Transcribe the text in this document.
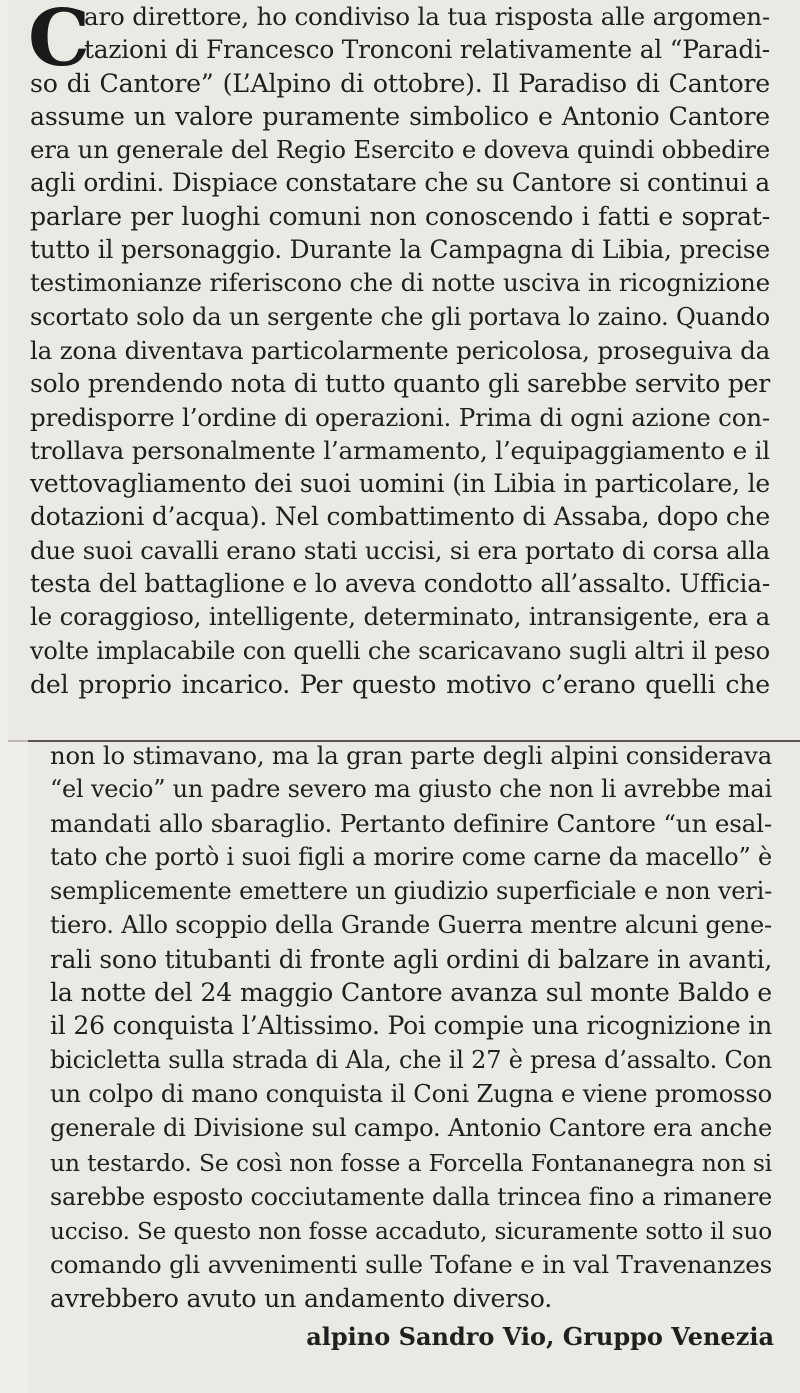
C
aro direttore, ho condiviso la tua risposta alle argomen-
tazioni di Francesco Tronconi relativamente al “Paradi-
so di Cantore” (L’Alpino di ottobre). Il Paradiso di Cantore
assume un valore puramente simbolico e Antonio Cantore
era un generale del Regio Esercito e doveva quindi obbedire
agli ordini. Dispiace constatare che su Cantore si continui a
parlare per luoghi comuni non conoscendo i fatti e soprat-
tutto il personaggio. Durante la Campagna di Libia, precise
testimonianze riferiscono che di notte usciva in ricognizione
scortato solo da un sergente che gli portava lo zaino. Quando
la zona diventava particolarmente pericolosa, proseguiva da
solo prendendo nota di tutto quanto gli sarebbe servito per
predisporre l’ordine di operazioni. Prima di ogni azione con-
trollava personalmente l’armamento, l’equipaggiamento e il
vettovagliamento dei suoi uomini (in Libia in particolare, le
dotazioni d’acqua). Nel combattimento di Assaba, dopo che
due suoi cavalli erano stati uccisi, si era portato di corsa alla
testa del battaglione e lo aveva condotto all’assalto. Ufficia-
le coraggioso, intelligente, determinato, intransigente, era a
volte implacabile con quelli che scaricavano sugli altri il peso
del proprio incarico. Per questo motivo c’erano quelli che
non lo stimavano, ma la gran parte degli alpini considerava
“el vecio” un padre severo ma giusto che non li avrebbe mai
mandati allo sbaraglio. Pertanto definire Cantore “un esal-
tato che portò i suoi figli a morire come carne da macello” è
semplicemente emettere un giudizio superficiale e non veri-
tiero. Allo scoppio della Grande Guerra mentre alcuni gene-
rali sono titubanti di fronte agli ordini di balzare in avanti,
la notte del 24 maggio Cantore avanza sul monte Baldo e
il 26 conquista l’Altissimo. Poi compie una ricognizione in
bicicletta sulla strada di Ala, che il 27 è presa d’assalto. Con
un colpo di mano conquista il Coni Zugna e viene promosso
generale di Divisione sul campo. Antonio Cantore era anche
un testardo. Se così non fosse a Forcella Fontananegra non si
sarebbe esposto cocciutamente dalla trincea fino a rimanere
ucciso. Se questo non fosse accaduto, sicuramente sotto il suo
comando gli avvenimenti sulle Tofane e in val Travenanzes
avrebbero avuto un andamento diverso.
alpino Sandro Vio, Gruppo Venezia
